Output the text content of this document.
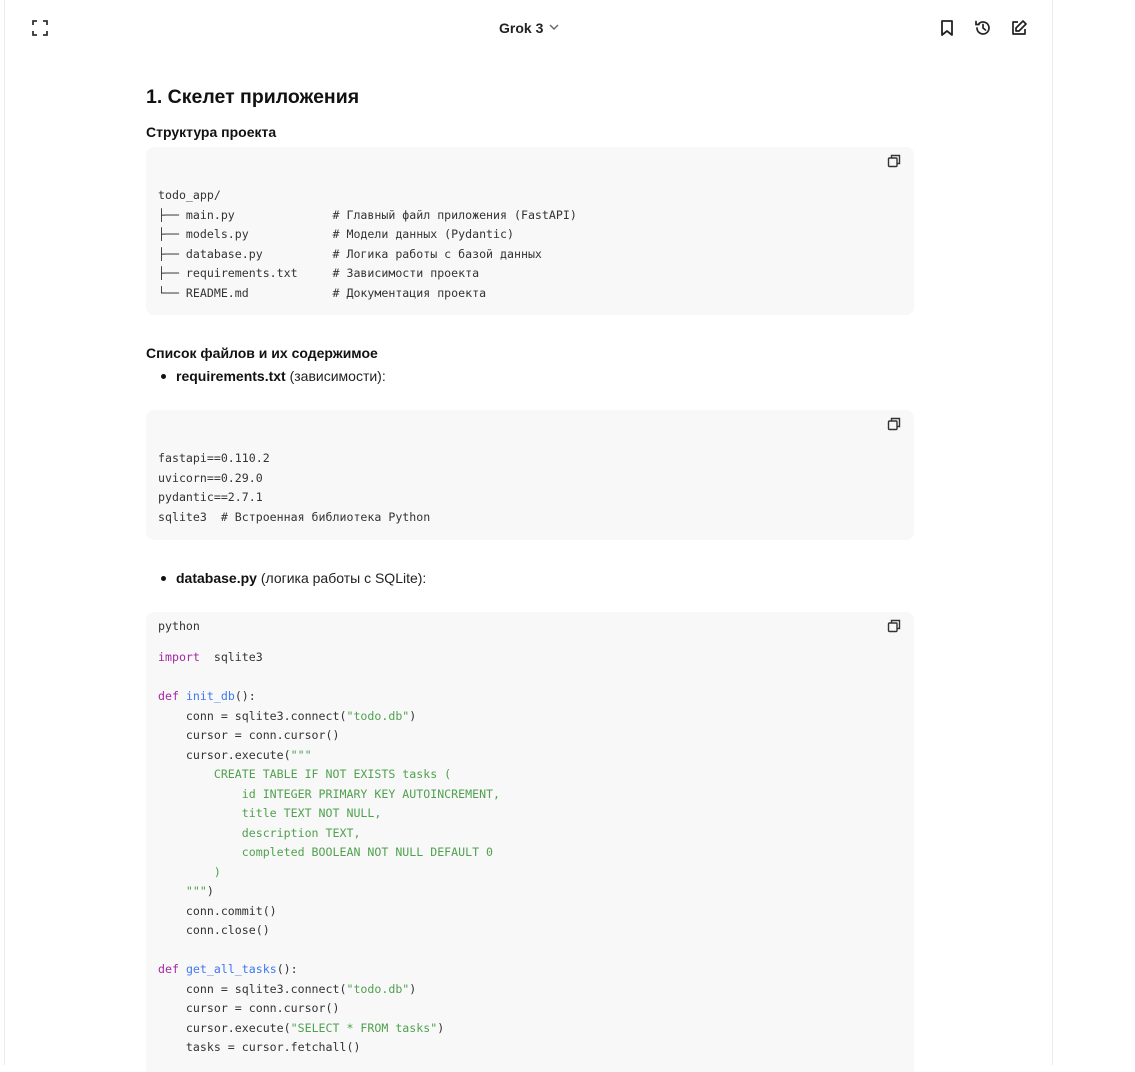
Grok 3
1. Скелет приложения
Структура проекта
todo_app/
├── main.py              # Главный файл приложения (FastAPI)
├── models.py            # Модели данных (Pydantic)
├── database.py          # Логика работы с базой данных
├── requirements.txt     # Зависимости проекта
└── README.md            # Документация проекта
Список файлов и их содержимое
requirements.txt (зависимости):
fastapi==0.110.2
uvicorn==0.29.0
pydantic==2.7.1
sqlite3  # Встроенная библиотека Python
database.py (логика работы с SQLite):
python
import  sqlite3
def init_db():
conn = sqlite3.connect("todo.db")
cursor = conn.cursor()
cursor.execute("""
CREATE TABLE IF NOT EXISTS tasks (
id INTEGER PRIMARY KEY AUTOINCREMENT,
title TEXT NOT NULL,
description TEXT,
completed BOOLEAN NOT NULL DEFAULT 0
)
""")
conn.commit()
conn.close()
def get_all_tasks():
conn = sqlite3.connect("todo.db")
cursor = conn.cursor()
cursor.execute("SELECT * FROM tasks")
tasks = cursor.fetchall()
